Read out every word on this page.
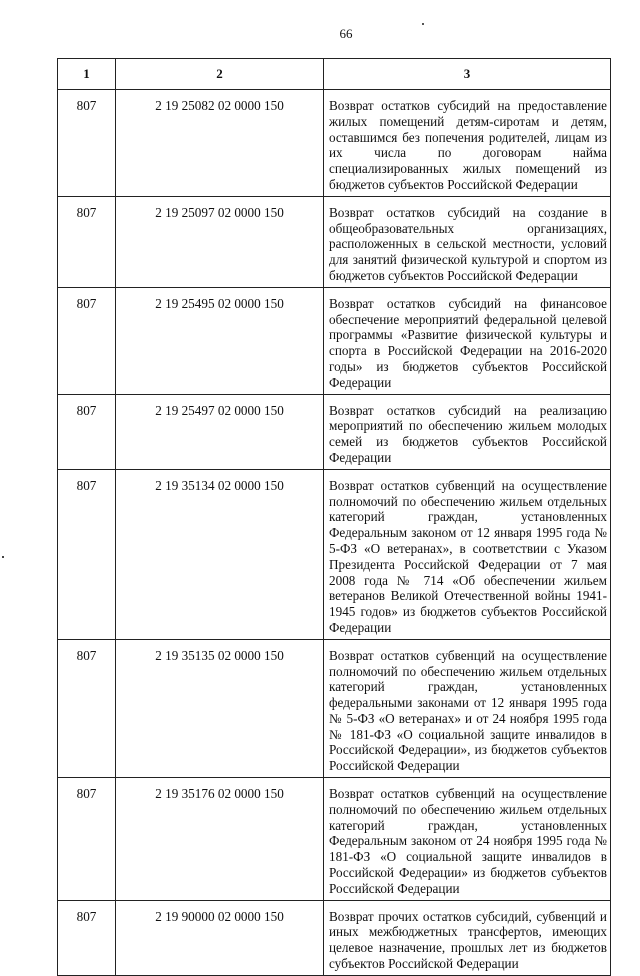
66
1	2	3
807	2 19 25082 02 0000 150	Возврат остатков субсидий на предоставление жилых помещений детям-сиротам и детям, оставшимся без попечения родителей, лицам из их числа по договорам найма специализированных жилых помещений из бюджетов субъектов Российской Федерации
807	2 19 25097 02 0000 150	Возврат остатков субсидий на создание в общеобразовательных организациях, расположенных в сельской местности, условий для занятий физической культурой и спортом из бюджетов субъектов Российской Федерации
807	2 19 25495 02 0000 150	Возврат остатков субсидий на финансовое обеспечение мероприятий федеральной целевой программы «Развитие физической культуры и спорта в Российской Федерации на 2016-2020 годы» из бюджетов субъектов Российской Федерации
807	2 19 25497 02 0000 150	Возврат остатков субсидий на реализацию мероприятий по обеспечению жильем молодых семей из бюджетов субъектов Российской Федерации
807	2 19 35134 02 0000 150	Возврат остатков субвенций на осуществление полномочий по обеспечению жильем отдельных категорий граждан, установленных Федеральным законом от 12 января 1995 года № 5-ФЗ «О ветеранах», в соответствии с Указом Президента Российской Федерации от 7 мая 2008 года № 714 «Об обеспечении жильем ветеранов Великой Отечественной войны 1941-1945 годов» из бюджетов субъектов Российской Федерации
807	2 19 35135 02 0000 150	Возврат остатков субвенций на осуществление полномочий по обеспечению жильем отдельных категорий граждан, установленных федеральными законами от 12 января 1995 года № 5-ФЗ «О ветеранах» и от 24 ноября 1995 года № 181-ФЗ «О социальной защите инвалидов в Российской Федерации», из бюджетов субъектов Российской Федерации
807	2 19 35176 02 0000 150	Возврат остатков субвенций на осуществление полномочий по обеспечению жильем отдельных категорий граждан, установленных Федеральным законом от 24 ноября 1995 года № 181-ФЗ «О социальной защите инвалидов в Российской Федерации» из бюджетов субъектов Российской Федерации
807	2 19 90000 02 0000 150	Возврат прочих остатков субсидий, субвенций и иных межбюджетных трансфертов, имеющих целевое назначение, прошлых лет из бюджетов субъектов Российской Федерации
